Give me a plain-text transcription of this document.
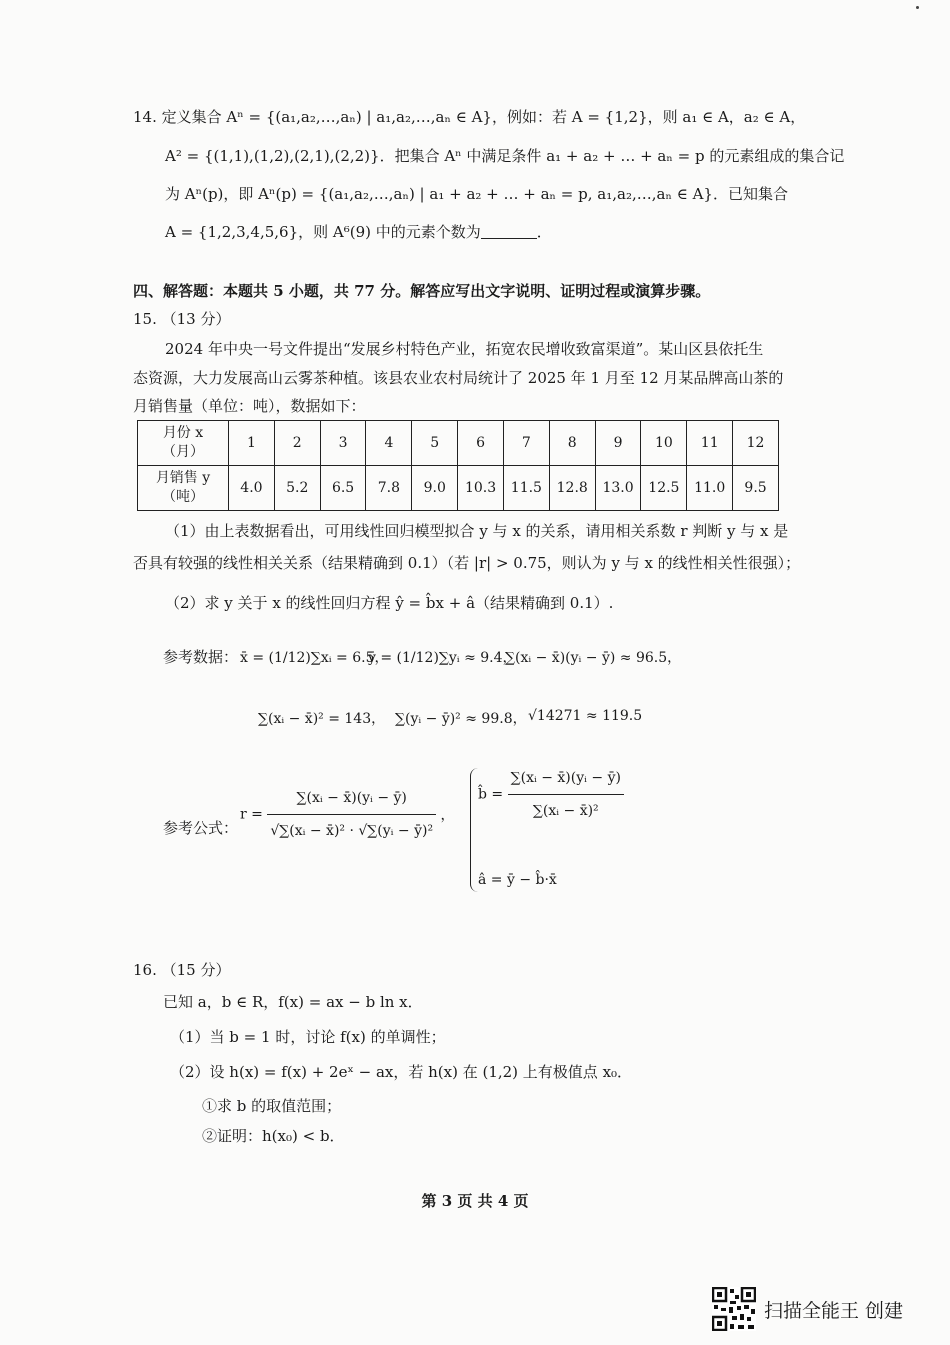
14. 定义集合 Aⁿ = {(a₁,a₂,…,aₙ) | a₁,a₂,…,aₙ ∈ A}，例如：若 A = {1,2}，则 a₁ ∈ A，a₂ ∈ A，
A² = {(1,1),(1,2),(2,1),(2,2)}．把集合 Aⁿ 中满足条件 a₁ + a₂ + … + aₙ = p 的元素组成的集合记
为 Aⁿ(p)，即 Aⁿ(p) = {(a₁,a₂,…,aₙ) | a₁ + a₂ + … + aₙ = p, a₁,a₂,…,aₙ ∈ A}．已知集合
A = {1,2,3,4,5,6}，则 A⁶(9) 中的元素个数为	．
四、解答题：本题共 5 小题，共 77 分。解答应写出文字说明、证明过程或演算步骤。
15. （13 分）
2024 年中央一号文件提出“发展乡村特色产业，拓宽农民增收致富渠道”。某山区县依托生
态资源，大力发展高山云雾茶种植。该县农业农村局统计了 2025 年 1 月至 12 月某品牌高山茶的
月销售量（单位：吨），数据如下：
月份 x
（月）	1	2	3	4	5	6	7	8	9	10	11	12
月销售 y
（吨）	4.0	5.2	6.5	7.8	9.0	10.3	11.5	12.8	13.0	12.5	11.0	9.5
（1）由上表数据看出，可用线性回归模型拟合 y 与 x 的关系，请用相关系数 r 判断 y 与 x 是
否具有较强的线性相关关系（结果精确到 0.1）（若 |r| > 0.75，则认为 y 与 x 的线性相关性很强）；
（2）求 y 关于 x 的线性回归方程 ŷ = b̂x + â（结果精确到 0.1）.
参考数据： x̄ = (1/12)∑xᵢ = 6.5，
ȳ = (1/12)∑yᵢ ≈ 9.4，
∑(xᵢ − x̄)(yᵢ − ȳ) ≈ 96.5，
∑(xᵢ − x̄)² = 143， ∑(yᵢ − ȳ)² ≈ 99.8， √14271 ≈ 119.5
参考公式：
$r = \frac{\text{∑(xᵢ − x̄)(yᵢ − ȳ)}}{\text{√∑(xᵢ − x̄)² · √∑(yᵢ − ȳ)²}}$ ，
b̂ = $\frac{\text{∑(xᵢ − x̄)(yᵢ − ȳ)}}{\text{∑(xᵢ − x̄)²}}$
â = ȳ − b̂·x̄
16. （15 分）
已知 a，b ∈ R，f(x) = ax − b ln x．
（1）当 b = 1 时，讨论 f(x) 的单调性；
（2）设 h(x) = f(x) + 2eˣ − ax，若 h(x) 在 (1,2) 上有极值点 x₀．
①求 b 的取值范围；
②证明：h(x₀) < b．
第 3 页 共 4 页
扫描全能王 创建
